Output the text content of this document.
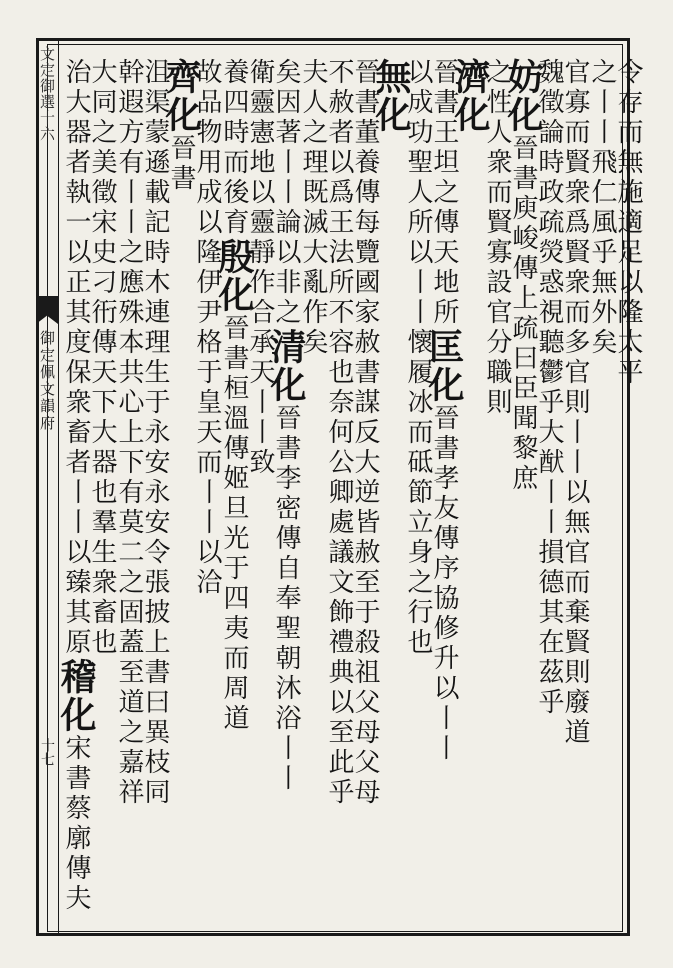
文定御選十六
御定佩文韻府
十七
令存而無施適足以隆太平
之丨丨飛仁風乎無外矣
官寡而賢衆爲賢衆而多官則丨丨以無官而棄賢則廢道
魏徵論時政疏熒惑視聽鬱乎大猷丨丨損德其在茲乎
妨化晉書庾峻傳上疏曰臣聞黎庶
之性人衆而賢寡設官分職則
濟化
晉書王坦之傳天地所匡化晉書孝友傳序協修升以丨丨
以成功聖人所以丨丨懷履冰而砥節立身之行也
無化
晉書董養傳每覽國家赦書謀反大逆皆赦至于殺祖父母父母
不赦者以爲王法所不容也奈何公卿處議文飾禮典以至此乎
夫人之理既滅大亂作矣
矣因著丨丨論以非之清化晉書李密傳自奉聖朝沐浴丨丨
衛靈憲地以靈靜作合承天丨丨致
養四時而後育殷化晉書桓溫傳姬旦光于四夷而周道
故品物用成以隆伊尹格于皇天而丨丨以洽
齊化晉書
沮渠蒙遜載記時木連理生于永安永安令張披上書曰異枝同
幹遐方有丨丨之應殊本共心上下有莫二之固蓋至道之嘉祥
大同之美徵宋史刁衎傳天下大器也羣生衆畜也
治大器者執一以正其度保衆畜者丨丨以臻其原稽化宋書蔡廓傳夫
